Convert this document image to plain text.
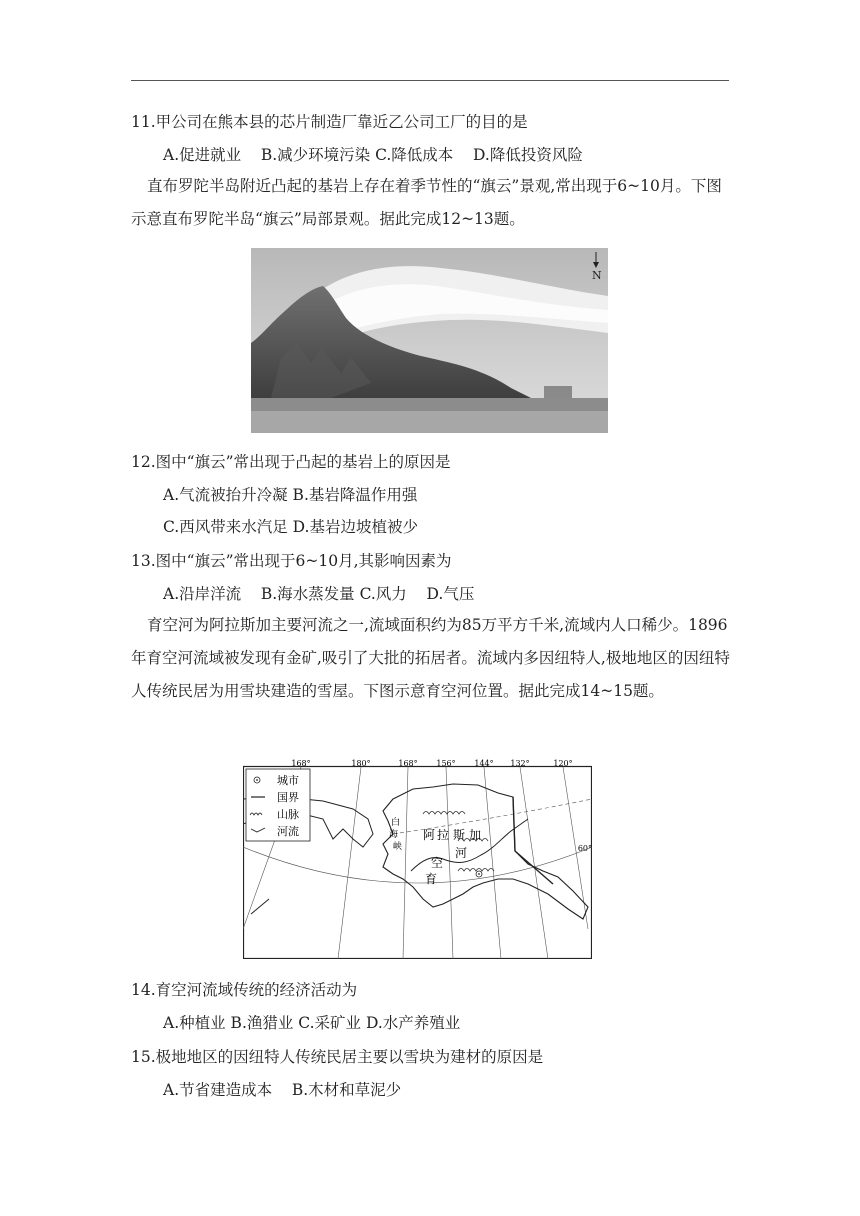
11.甲公司在熊本县的芯片制造厂靠近乙公司工厂的目的是
A.促进就业    B.减少环境污染 C.降低成本    D.降低投资风险
直布罗陀半岛附近凸起的基岩上存在着季节性的“旗云”景观,常出现于6~10月。下图示意直布罗陀半岛“旗云”局部景观。据此完成12~13题。
N
12.图中“旗云”常出现于凸起的基岩上的原因是
A.气流被抬升冷凝 B.基岩降温作用强
C.西风带来水汽足 D.基岩边坡植被少
13.图中“旗云”常出现于6~10月,其影响因素为
A.沿岸洋流    B.海水蒸发量 C.风力    D.气压
育空河为阿拉斯加主要河流之一,流域面积约为85万平方千米,流域内人口稀少。1896年育空河流域被发现有金矿,吸引了大批的拓居者。流域内多因纽特人,极地地区的因纽特人传统民居为用雪块建造的雪屋。下图示意育空河位置。据此完成14~15题。
168°	180°	168° 156° 144° 132°	120°
60°
阿 拉 斯 加
河
空
育
白
海
峡
城市
国界
山脉
河流
14.育空河流域传统的经济活动为
A.种植业 B.渔猎业 C.采矿业 D.水产养殖业
15.极地地区的因纽特人传统民居主要以雪块为建材的原因是
A.节省建造成本    B.木材和草泥少
